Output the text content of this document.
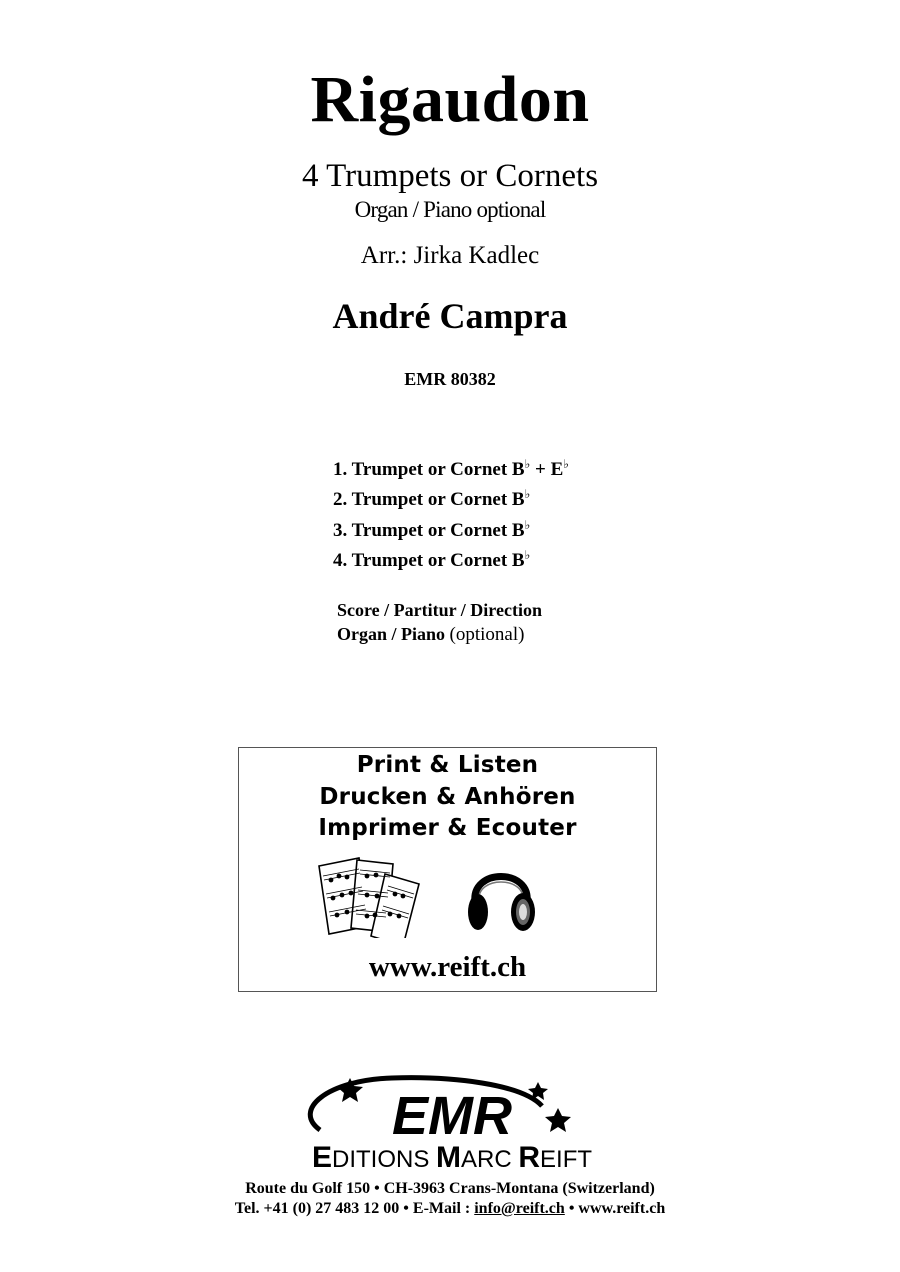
Rigaudon
4 Trumpets or Cornets
Organ / Piano optional
Arr.: Jirka Kadlec
André Campra
EMR 80382
1. Trumpet or Cornet B♭ + E♭
2. Trumpet or Cornet B♭
3. Trumpet or Cornet B♭
4. Trumpet or Cornet B♭
Score / Partitur / Direction
Organ / Piano (optional)
Print & Listen
Drucken & Anhören
Imprimer & Ecouter
www.reift.ch
EMR
EDITIONS MARC REIFT
Route du Golf 150 • CH-3963 Crans-Montana (Switzerland)
Tel. +41 (0) 27 483 12 00 • E-Mail : info@reift.ch • www.reift.ch
